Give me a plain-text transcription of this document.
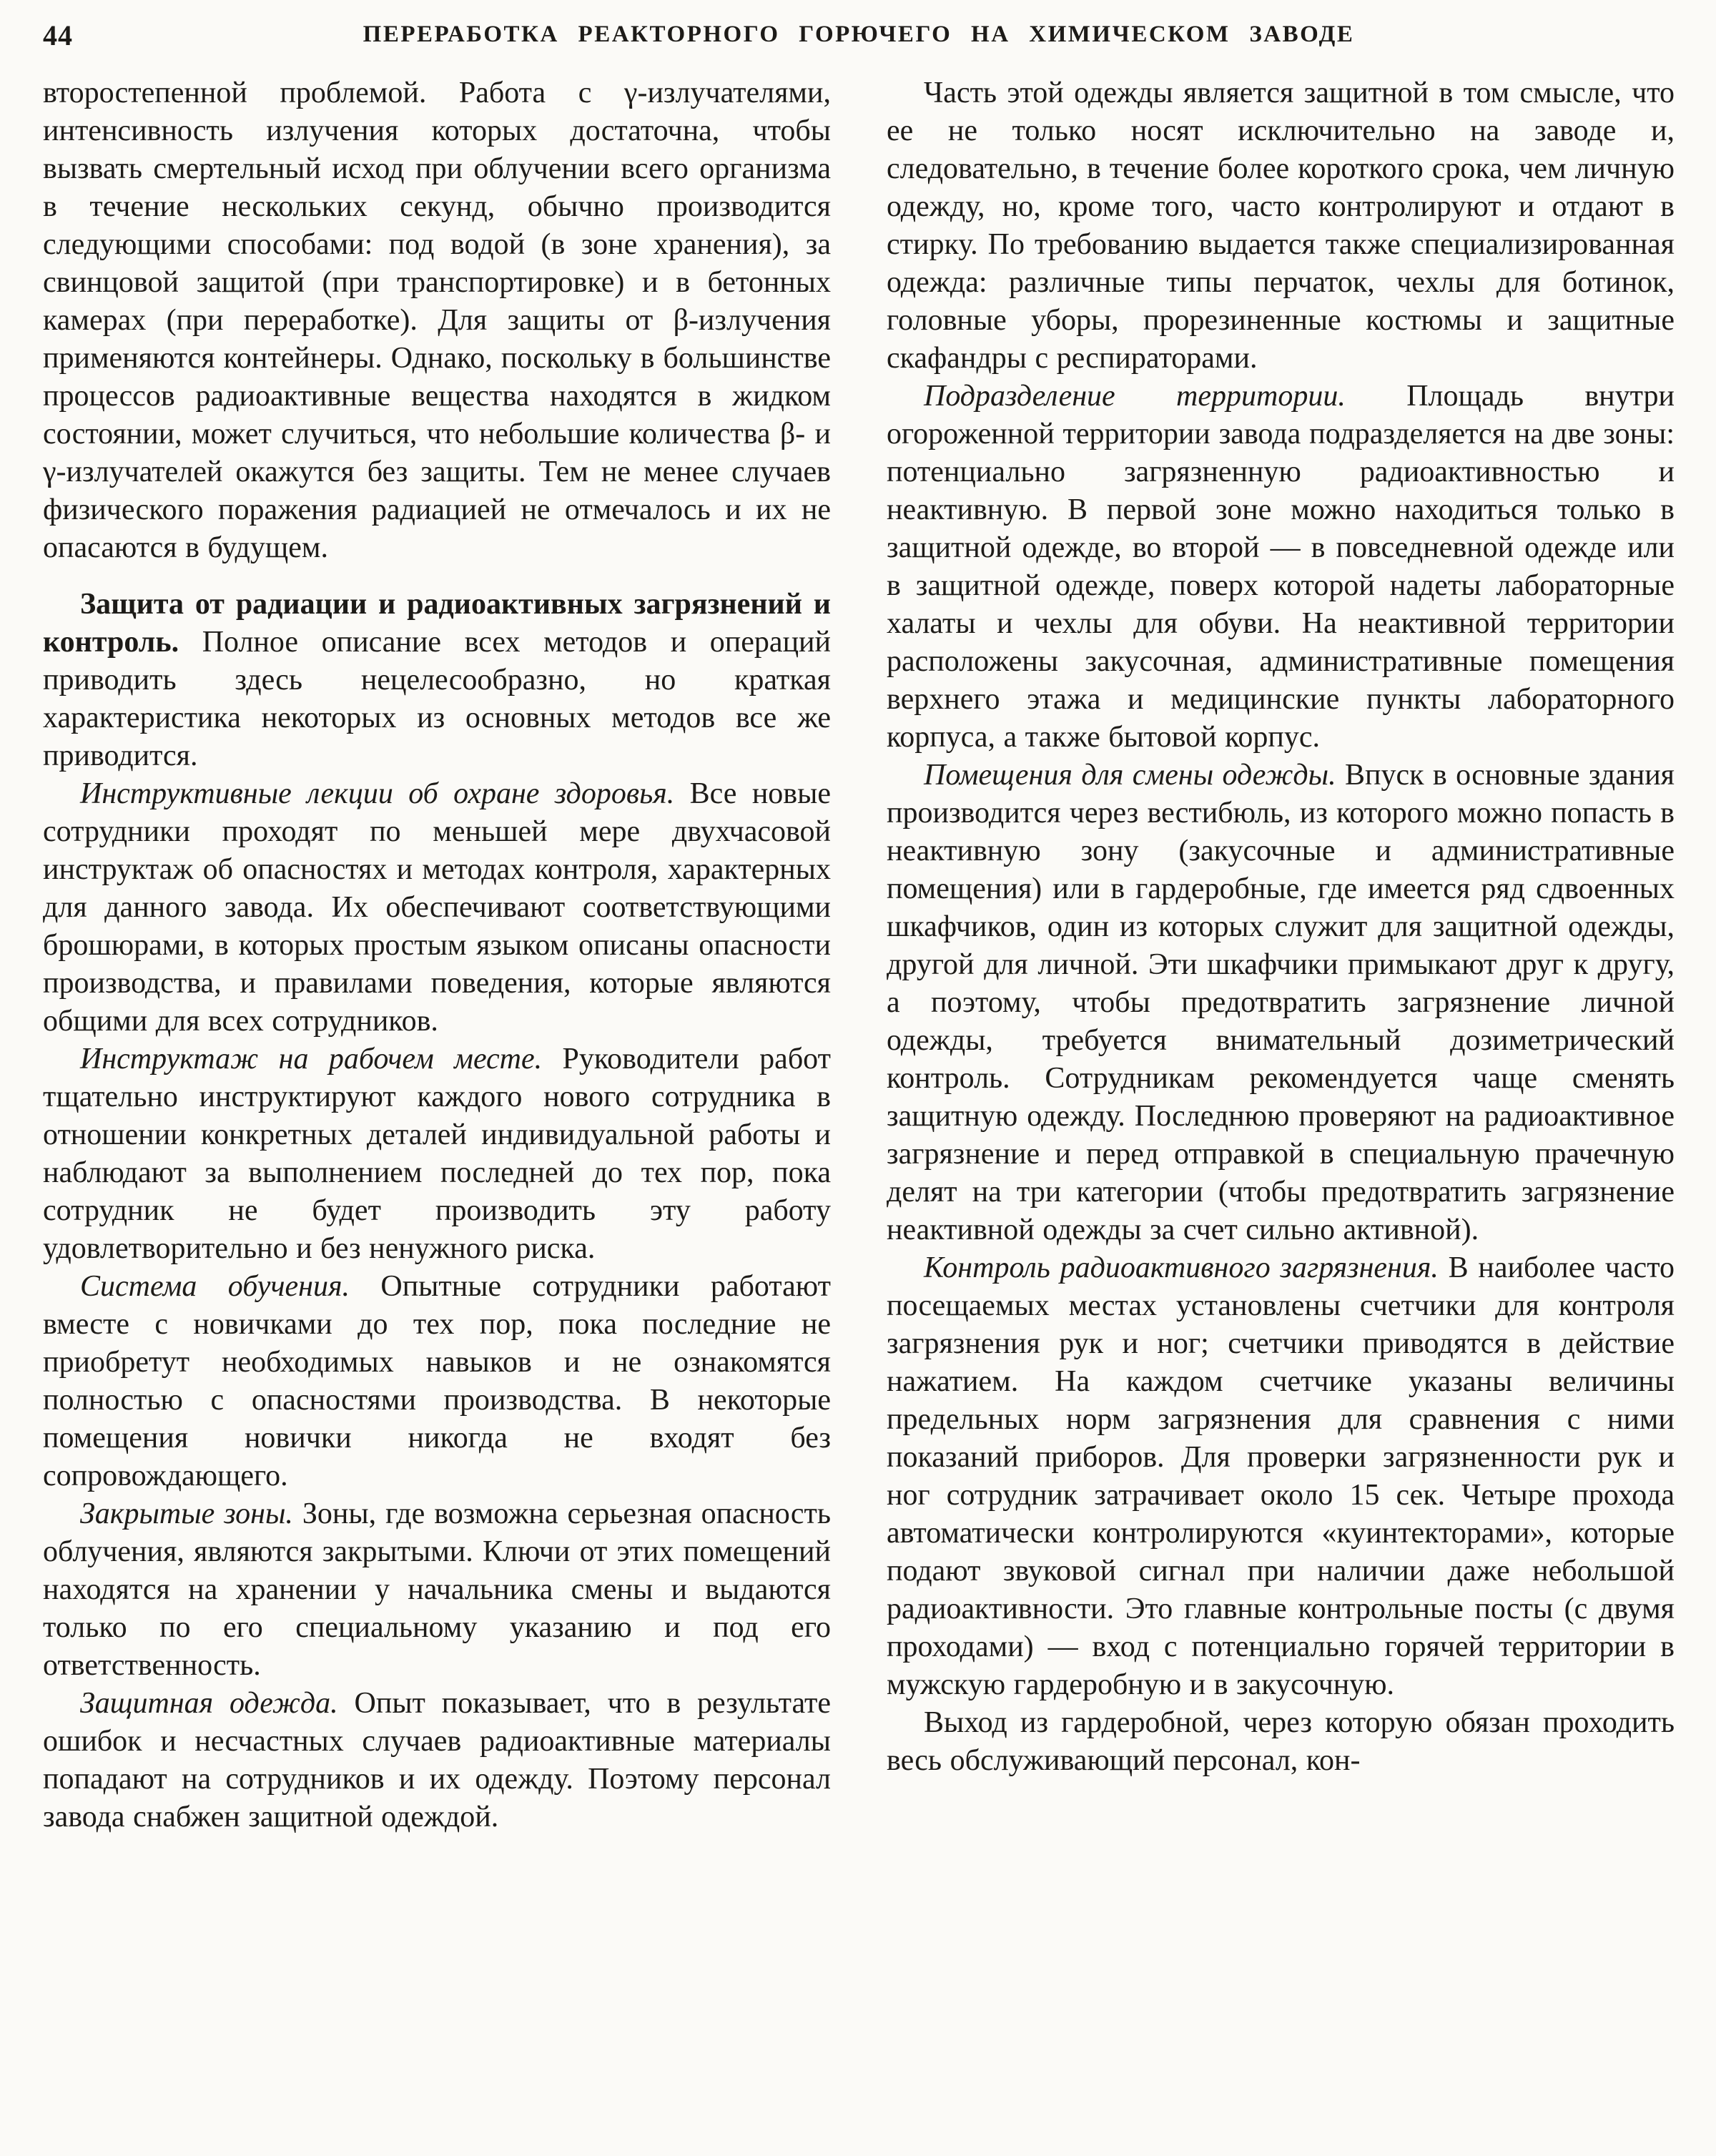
44	ПЕРЕРАБОТКА РЕАКТОРНОГО ГОРЮЧЕГО НА ХИМИЧЕСКОМ ЗАВОДЕ

второстепенной проблемой. Работа с γ-излучателями, интенсивность излучения которых достаточна, чтобы вызвать смертельный исход при облучении всего организма в течение нескольких секунд, обычно производится следующими способами: под водой (в зоне хранения), за свинцовой защитой (при транспортировке) и в бетонных камерах (при переработке). Для защиты от β-излучения применяются контейнеры. Однако, поскольку в большинстве процессов радиоактивные вещества находятся в жидком состоянии, может случиться, что небольшие количества β- и γ-излучателей окажутся без защиты. Тем не менее случаев физического поражения радиацией не отмечалось и их не опасаются в будущем.

Защита от радиации и радиоактивных загрязнений и контроль. Полное описание всех методов и операций приводить здесь нецелесообразно, но краткая характеристика некоторых из основных методов все же приводится.

Инструктивные лекции об охране здоровья. Все новые сотрудники проходят по меньшей мере двухчасовой инструктаж об опасностях и методах контроля, характерных для данного завода. Их обеспечивают соответствующими брошюрами, в которых простым языком описаны опасности производства, и правилами поведения, которые являются общими для всех сотрудников.

Инструктаж на рабочем месте. Руководители работ тщательно инструктируют каждого нового сотрудника в отношении конкретных деталей индивидуальной работы и наблюдают за выполнением последней до тех пор, пока сотрудник не будет производить эту работу удовлетворительно и без ненужного риска.

Система обучения. Опытные сотрудники работают вместе с новичками до тех пор, пока последние не приобретут необходимых навыков и не ознакомятся полностью с опасностями производства. В некоторые помещения новички никогда не входят без сопровождающего.

Закрытые зоны. Зоны, где возможна серьезная опасность облучения, являются закрытыми. Ключи от этих помещений находятся на хранении у начальника смены и выдаются только по его специальному указанию и под его ответственность.

Защитная одежда. Опыт показывает, что в результате ошибок и несчастных случаев радиоактивные материалы попадают на сотрудников и их одежду. Поэтому персонал завода снабжен защитной одеждой.

Часть этой одежды является защитной в том смысле, что ее не только носят исключительно на заводе и, следовательно, в течение более короткого срока, чем личную одежду, но, кроме того, часто контролируют и отдают в стирку. По требованию выдается также специализированная одежда: различные типы перчаток, чехлы для ботинок, головные уборы, прорезиненные костюмы и защитные скафандры с респираторами.

Подразделение территории. Площадь внутри огороженной территории завода подразделяется на две зоны: потенциально загрязненную радиоактивностью и неактивную. В первой зоне можно находиться только в защитной одежде, во второй — в повседневной одежде или в защитной одежде, поверх которой надеты лабораторные халаты и чехлы для обуви. На неактивной территории расположены закусочная, административные помещения верхнего этажа и медицинские пункты лабораторного корпуса, а также бытовой корпус.

Помещения для смены одежды. Впуск в основные здания производится через вестибюль, из которого можно попасть в неактивную зону (закусочные и административные помещения) или в гардеробные, где имеется ряд сдвоенных шкафчиков, один из которых служит для защитной одежды, другой для личной. Эти шкафчики примыкают друг к другу, а поэтому, чтобы предотвратить загрязнение личной одежды, требуется внимательный дозиметрический контроль. Сотрудникам рекомендуется чаще сменять защитную одежду. Последнюю проверяют на радиоактивное загрязнение и перед отправкой в специальную прачечную делят на три категории (чтобы предотвратить загрязнение неактивной одежды за счет сильно активной).

Контроль радиоактивного загрязнения. В наиболее часто посещаемых местах установлены счетчики для контроля загрязнения рук и ног; счетчики приводятся в действие нажатием. На каждом счетчике указаны величины предельных норм загрязнения для сравнения с ними показаний приборов. Для проверки загрязненности рук и ног сотрудник затрачивает около 15 сек. Четыре прохода автоматически контролируются «куинтекторами», которые подают звуковой сигнал при наличии даже небольшой радиоактивности. Это главные контрольные посты (с двумя проходами) — вход с потенциально горячей территории в мужскую гардеробную и в закусочную.

Выход из гардеробной, через которую обязан проходить весь обслуживающий персонал, кон-
